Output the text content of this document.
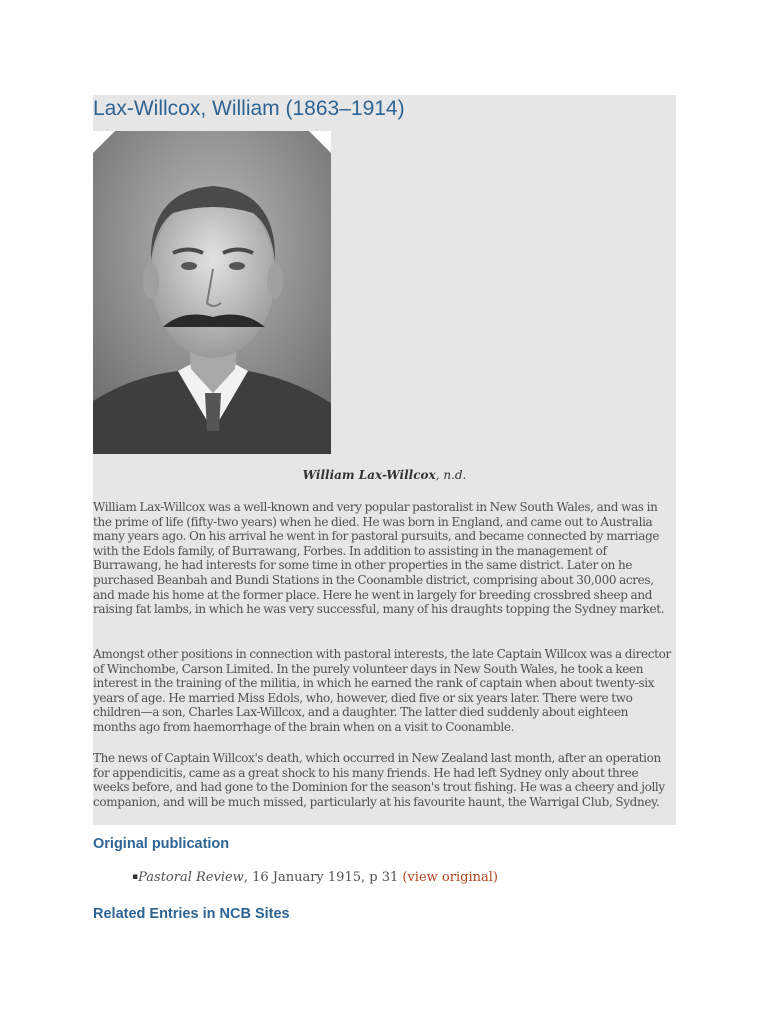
Lax-Willcox, William (1863–1914)
William Lax-Willcox, n.d.

William Lax-Willcox was a well-known and very popular pastoralist in New South Wales, and was in the prime of life (fifty-two years) when he died. He was born in England, and came out to Australia many years ago. On his arrival he went in for pastoral pursuits, and became connected by marriage with the Edols family, of Burrawang, Forbes. In addition to assisting in the management of Burrawang, he had interests for some time in other properties in the same district. Later on he purchased Beanbah and Bundi Stations in the Coonamble district, comprising about 30,000 acres, and made his home at the former place. Here he went in largely for breeding crossbred sheep and raising fat lambs, in which he was very successful, many of his draughts topping the Sydney market.

Amongst other positions in connection with pastoral interests, the late Captain Willcox was a director of Winchombe, Carson Limited. In the purely volunteer days in New South Wales, he took a keen interest in the training of the militia, in which he earned the rank of captain when about twenty-six years of age. He married Miss Edols, who, however, died five or six years later. There were two children—a son, Charles Lax-Willcox, and a daughter. The latter died suddenly about eighteen months ago from haemorrhage of the brain when on a visit to Coonamble.

The news of Captain Willcox's death, which occurred in New Zealand last month, after an operation for appendicitis, came as a great shock to his many friends. He had left Sydney only about three weeks before, and had gone to the Dominion for the season's trout fishing. He was a cheery and jolly companion, and will be much missed, particularly at his favourite haunt, the Warrigal Club, Sydney.

Original publication
▪Pastoral Review, 16 January 1915, p 31 (view original)
Related Entries in NCB Sites
